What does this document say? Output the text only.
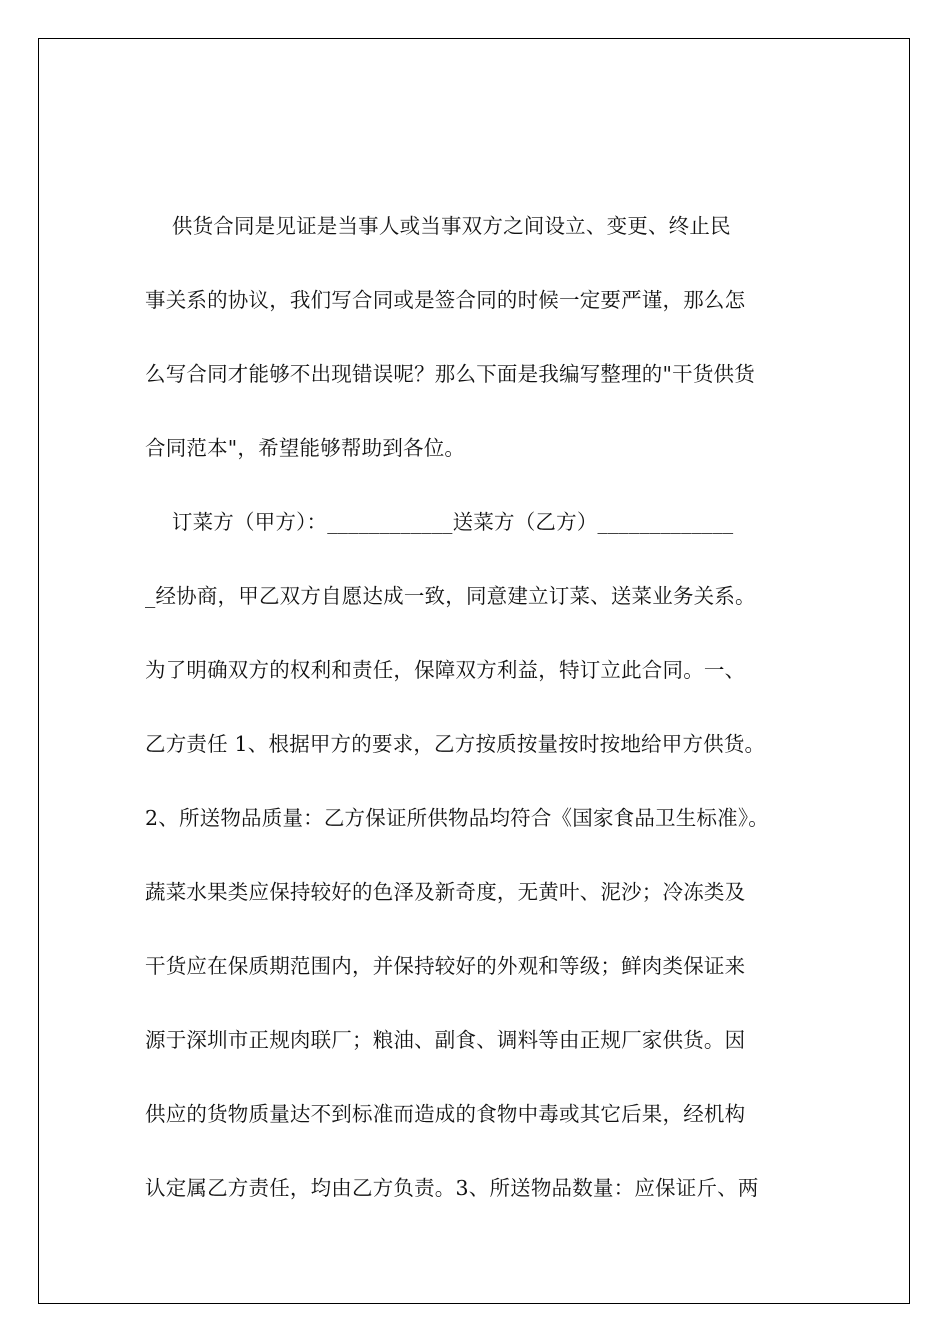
供货合同是见证是当事人或当事双方之间设立、变更、终止民
事关系的协议，我们写合同或是签合同的时候一定要严谨，那么怎
么写合同才能够不出现错误呢？那么下面是我编写整理的"干货供货
合同范本"，希望能够帮助到各位。
订菜方（甲方）：____________送菜方（乙方）_____________
_经协商，甲乙双方自愿达成一致，同意建立订菜、送菜业务关系。
为了明确双方的权利和责任，保障双方利益，特订立此合同。一、
乙方责任 1、根据甲方的要求，乙方按质按量按时按地给甲方供货。
2、所送物品质量：乙方保证所供物品均符合《国家食品卫生标准》。
蔬菜水果类应保持较好的色泽及新奇度，无黄叶、泥沙；冷冻类及
干货应在保质期范围内，并保持较好的外观和等级；鲜肉类保证来
源于深圳市正规肉联厂；粮油、副食、调料等由正规厂家供货。因
供应的货物质量达不到标准而造成的食物中毒或其它后果，经机构
认定属乙方责任，均由乙方负责。3、所送物品数量：应保证斤、两
